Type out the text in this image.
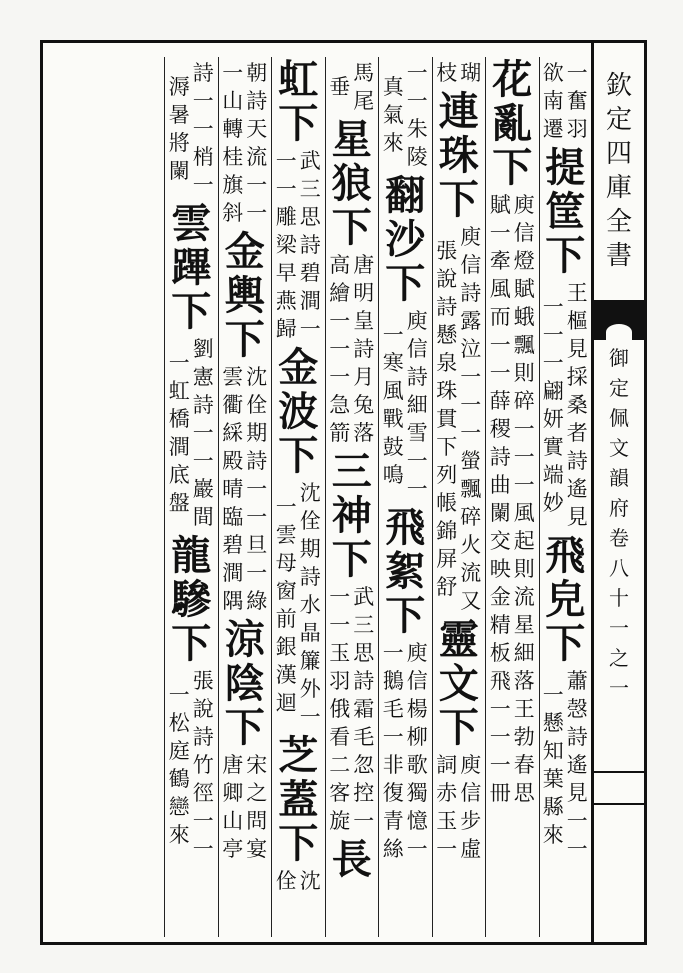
一
奮
羽
欲
南
遷
提
筐
下
王
樞
見
採
桑
者
詩
遙
見
一
一
一
翩
妍
實
端
妙
飛
皃
下
蕭
愨
詩
遙
見
一
一
一
懸
知
葉
縣
來
花
亂
下
庾
信
燈
賦
蛾
飄
則
碎
一
一
一
風
起
則
流
星
細
落
王
勃
春
思
賦
一
牽
風
而
一
一
薛
稷
詩
曲
闌
交
映
金
精
板
飛
一
一
一
冊
瑚
枝
連
珠
下
庾
信
詩
露
泣
一
一
一
螢
飄
碎
火
流
又
張
說
詩
懸
泉
珠
貫
下
列
帳
錦
屏
舒
靈
文
下
庾
信
步
虛
詞
赤
玉
一
一
一
朱
陵
真
氣
來
翻
沙
下
庾
信
詩
細
雪
一
一
一
寒
風
戰
鼓
鳴
飛
絮
下
庾
信
楊
柳
歌
獨
憶
一
一
鵝
毛
一
非
復
青
絲
馬
尾
垂
星
狼
下
唐
明
皇
詩
月
兔
落
高
繪
一
一
一
急
箭
三
神
下
武
三
思
詩
霜
毛
忽
控
一
一
一
玉
羽
俄
看
二
客
旋
長
虹
下
武
三
思
詩
碧
澗
一
一
一
雕
梁
早
燕
歸
金
波
下
沈
佺
期
詩
水
晶
簾
外
一
一
雲
母
窗
前
銀
漢
迴
芝
蓋
下
沈
佺
朝
詩
天
流
一
一
一
山
轉
桂
旗
斜
金
輿
下
沈
佺
期
詩
一
一
旦
一
綠
雲
衢
綵
殿
晴
臨
碧
澗
隅
涼
陰
下
宋
之
問
宴
唐
卿
山
亭
詩
一
一
梢
一
溽
暑
將
闌
雲
蹕
下
劉
憲
詩
一
一
巖
間
一
虹
橋
澗
底
盤
龍
驂
下
張
說
詩
竹
徑
一
一
一
松
庭
鶴
戀
來
欽
定
四
庫
全
書
御
定
佩
文
韻
府
卷
八
十
一
之
一
